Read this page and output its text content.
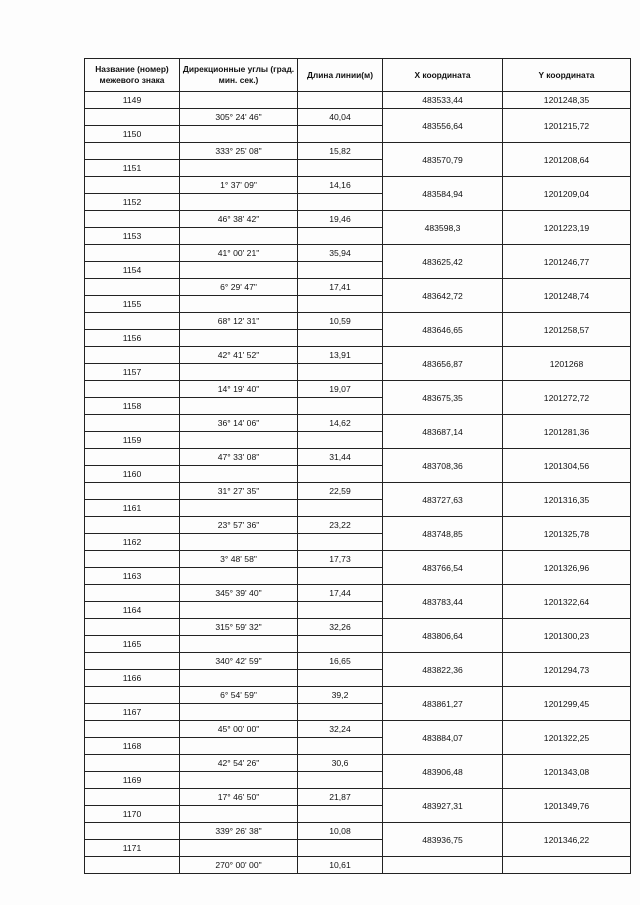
Название (номер) межевого знака	Дирекционные углы (град. мин. сек.)	Длина линии(м)	X координата	Y координата
1149			483533,44	1201248,35
	305° 24' 46"	40,04	483556,64	1201215,72
1150				
	333° 25' 08"	15,82	483570,79	1201208,64
1151				
	1° 37' 09"	14,16	483584,94	1201209,04
1152				
	46° 38' 42"	19,46	483598,3	1201223,19
1153				
	41° 00' 21"	35,94	483625,42	1201246,77
1154				
	6° 29' 47"	17,41	483642,72	1201248,74
1155				
	68° 12' 31"	10,59	483646,65	1201258,57
1156				
	42° 41' 52"	13,91	483656,87	1201268
1157				
	14° 19' 40"	19,07	483675,35	1201272,72
1158				
	36° 14' 06"	14,62	483687,14	1201281,36
1159				
	47° 33' 08"	31,44	483708,36	1201304,56
1160				
	31° 27' 35"	22,59	483727,63	1201316,35
1161				
	23° 57' 36"	23,22	483748,85	1201325,78
1162				
	3° 48' 58"	17,73	483766,54	1201326,96
1163				
	345° 39' 40"	17,44	483783,44	1201322,64
1164				
	315° 59' 32"	32,26	483806,64	1201300,23
1165				
	340° 42' 59"	16,65	483822,36	1201294,73
1166				
	6° 54' 59"	39,2	483861,27	1201299,45
1167				
	45° 00' 00"	32,24	483884,07	1201322,25
1168				
	42° 54' 26"	30,6	483906,48	1201343,08
1169				
	17° 46' 50"	21,87	483927,31	1201349,76
1170				
	339° 26' 38"	10,08	483936,75	1201346,22
1171				
	270° 00' 00"	10,61		
